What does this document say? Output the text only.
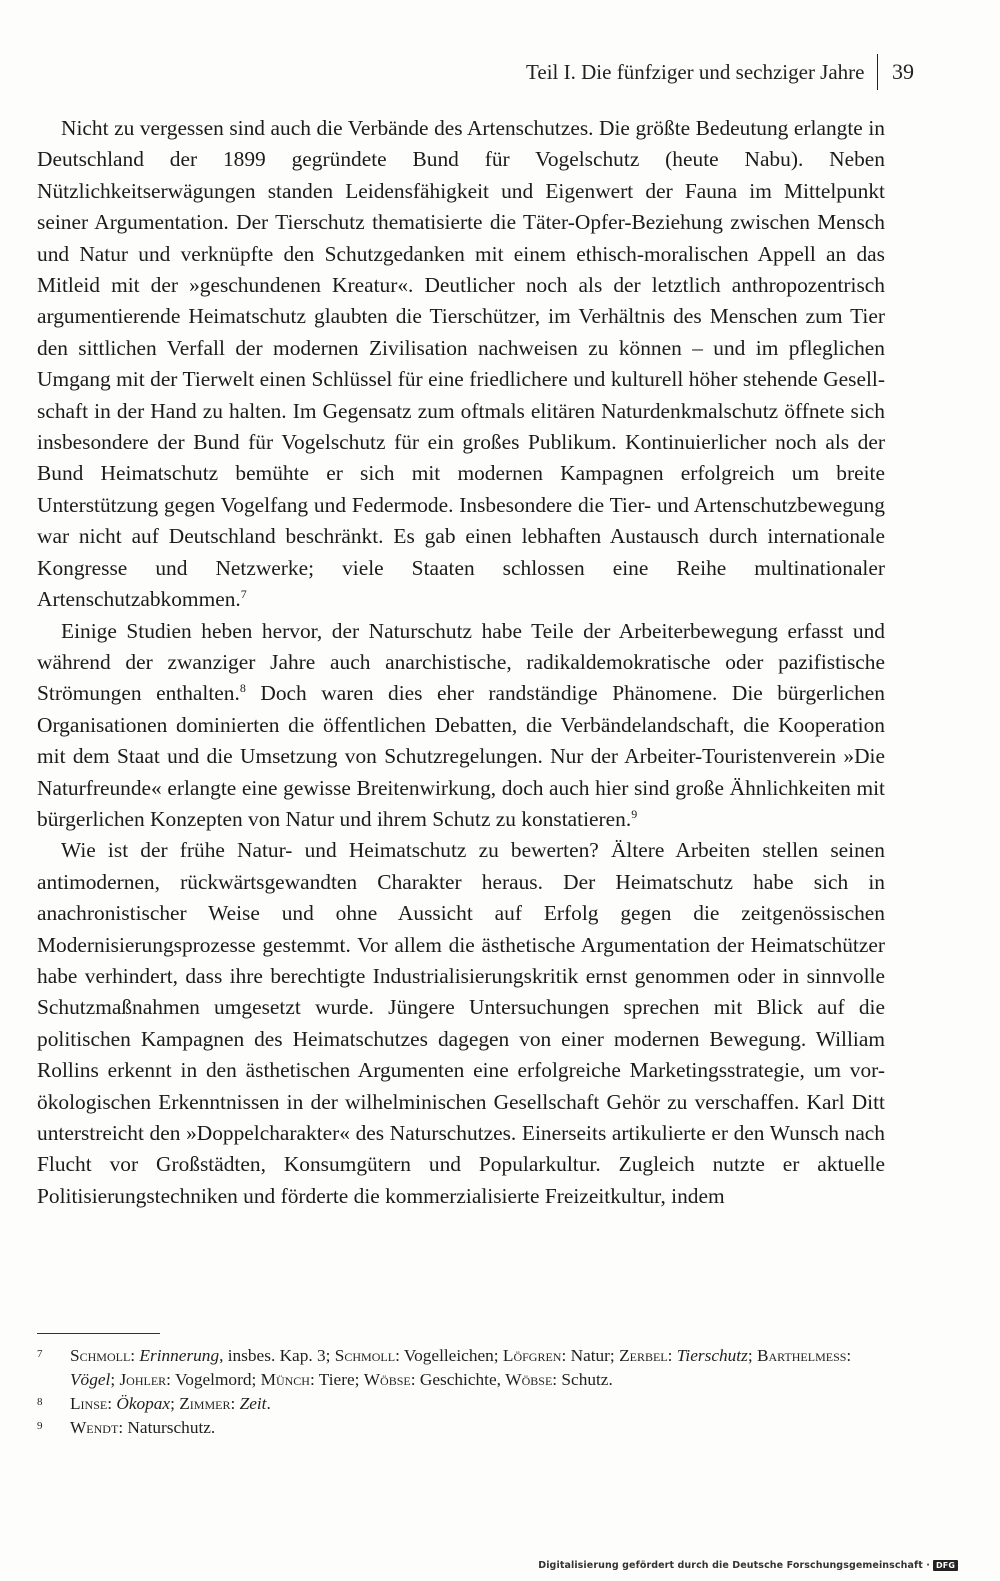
Teil I. Die fünfziger und sechziger Jahre	39

Nicht zu vergessen sind auch die Verbände des Artenschutzes. Die größte Bedeutung erlangte in Deutschland der 1899 gegründete Bund für Vogelschutz (heute Nabu). Neben Nützlichkeitserwägungen standen Leidensfähigkeit und Eigenwert der Fauna im Mittelpunkt seiner Argumentation. Der Tierschutz thematisierte die Täter-Opfer-Beziehung zwischen Mensch und Natur und verknüpfte den Schutzgedanken mit einem ethisch-moralischen Appell an das Mitleid mit der »geschundenen Kreatur«. Deutlicher noch als der letztlich anthropozentrisch argumentierende Heimatschutz glaubten die Tierschützer, im Verhältnis des Menschen zum Tier den sittlichen Verfall der modernen Zivilisation nachweisen zu können – und im pfleglichen Umgang mit der Tierwelt einen Schlüssel für eine friedlichere und kulturell höher stehende Gesellschaft in der Hand zu halten. Im Gegensatz zum oftmals elitären Naturdenkmalschutz öffnete sich insbesondere der Bund für Vogelschutz für ein großes Publikum. Kontinuierlicher noch als der Bund Heimatschutz bemühte er sich mit modernen Kampagnen erfolgreich um breite Unterstützung gegen Vogelfang und Federmode. Insbesondere die Tier- und Artenschutzbewegung war nicht auf Deutschland beschränkt. Es gab einen lebhaften Austausch durch internationale Kongresse und Netzwerke; viele Staaten schlossen eine Reihe multinationaler Artenschutzabkommen.$^7$

Einige Studien heben hervor, der Naturschutz habe Teile der Arbeiterbewegung erfasst und während der zwanziger Jahre auch anarchistische, radikaldemokratische oder pazifistische Strömungen enthalten.$^8$ Doch waren dies eher randständige Phänomene. Die bürgerlichen Organisationen dominierten die öffentlichen Debatten, die Verbändelandschaft, die Kooperation mit dem Staat und die Umsetzung von Schutzregelungen. Nur der Arbeiter-Touristenverein »Die Naturfreunde« erlangte eine gewisse Breitenwirkung, doch auch hier sind große Ähnlichkeiten mit bürgerlichen Konzepten von Natur und ihrem Schutz zu konstatieren.$^9$

Wie ist der frühe Natur- und Heimatschutz zu bewerten? Ältere Arbeiten stellen seinen antimodernen, rückwärtsgewandten Charakter heraus. Der Heimatschutz habe sich in anachronistischer Weise und ohne Aussicht auf Erfolg gegen die zeitgenössischen Modernisierungsprozesse gestemmt. Vor allem die ästhetische Argumentation der Heimatschützer habe verhindert, dass ihre berechtigte Industrialisierungskritik ernst genommen oder in sinnvolle Schutzmaßnahmen umgesetzt wurde. Jüngere Untersuchungen sprechen mit Blick auf die politischen Kampagnen des Heimatschutzes dagegen von einer modernen Bewegung. William Rollins erkennt in den ästhetischen Argumenten eine erfolgreiche Marketingsstrategie, um vor-ökologischen Erkenntnissen in der wilhelminischen Gesellschaft Gehör zu verschaffen. Karl Ditt unterstreicht den »Doppelcharakter« des Naturschutzes. Einerseits artikulierte er den Wunsch nach Flucht vor Großstädten, Konsumgütern und Popularkultur. Zugleich nutzte er aktuelle Politisierungstechniken und förderte die kommerzialisierte Freizeitkultur, indem

7 Schmoll: Erinnerung, insbes. Kap. 3; Schmoll: Vogelleichen; Löfgren: Natur; Zerbel: Tierschutz; Barthelmess: Vögel; Johler: Vogelmord; Münch: Tiere; Wöbse: Geschichte, Wöbse: Schutz.
8 Linse: Ökopax; Zimmer: Zeit.
9 Wendt: Naturschutz.
Digitalisierung gefördert durch die Deutsche Forschungsgemeinschaft · DFG
